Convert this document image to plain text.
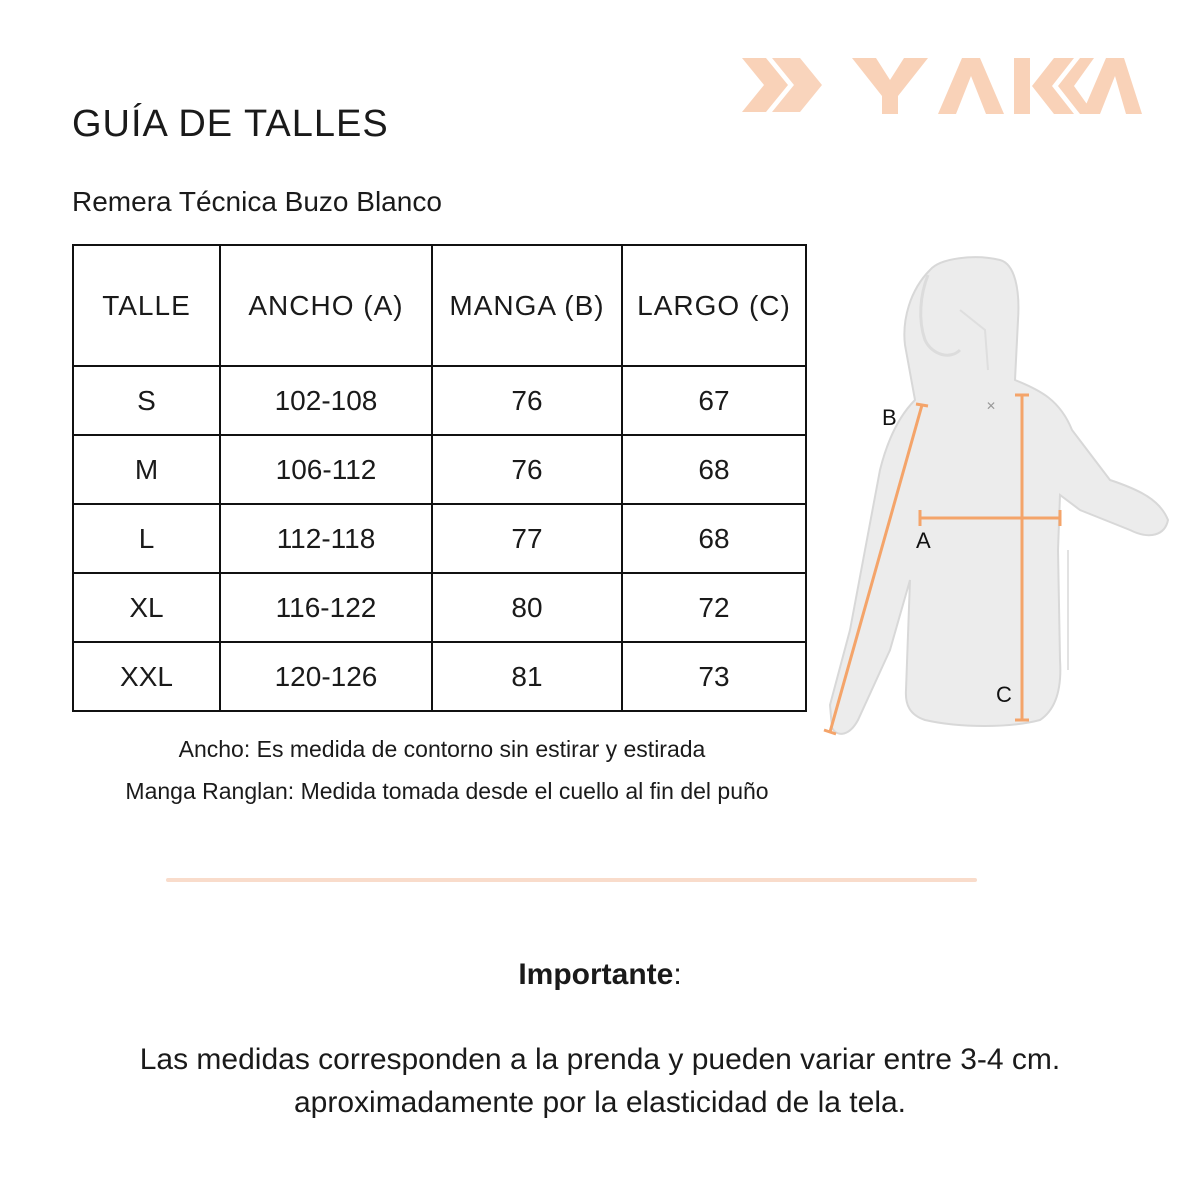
GUÍA DE TALLES
Remera Técnica Buzo Blanco
TALLE	ANCHO (A)	MANGA (B)	LARGO (C)
S	102-108	76	67
M	106-112	76	68
L	112-118	77	68
XL	116-122	80	72
XXL	120-126	81	73
Ancho: Es medida de contorno sin estirar y estirada
Manga Ranglan: Medida tomada desde el cuello al fin del puño
✕
B
A
C
Importante:
Las medidas corresponden a la prenda y pueden variar entre 3-4 cm.
aproximadamente por la elasticidad de la tela.
